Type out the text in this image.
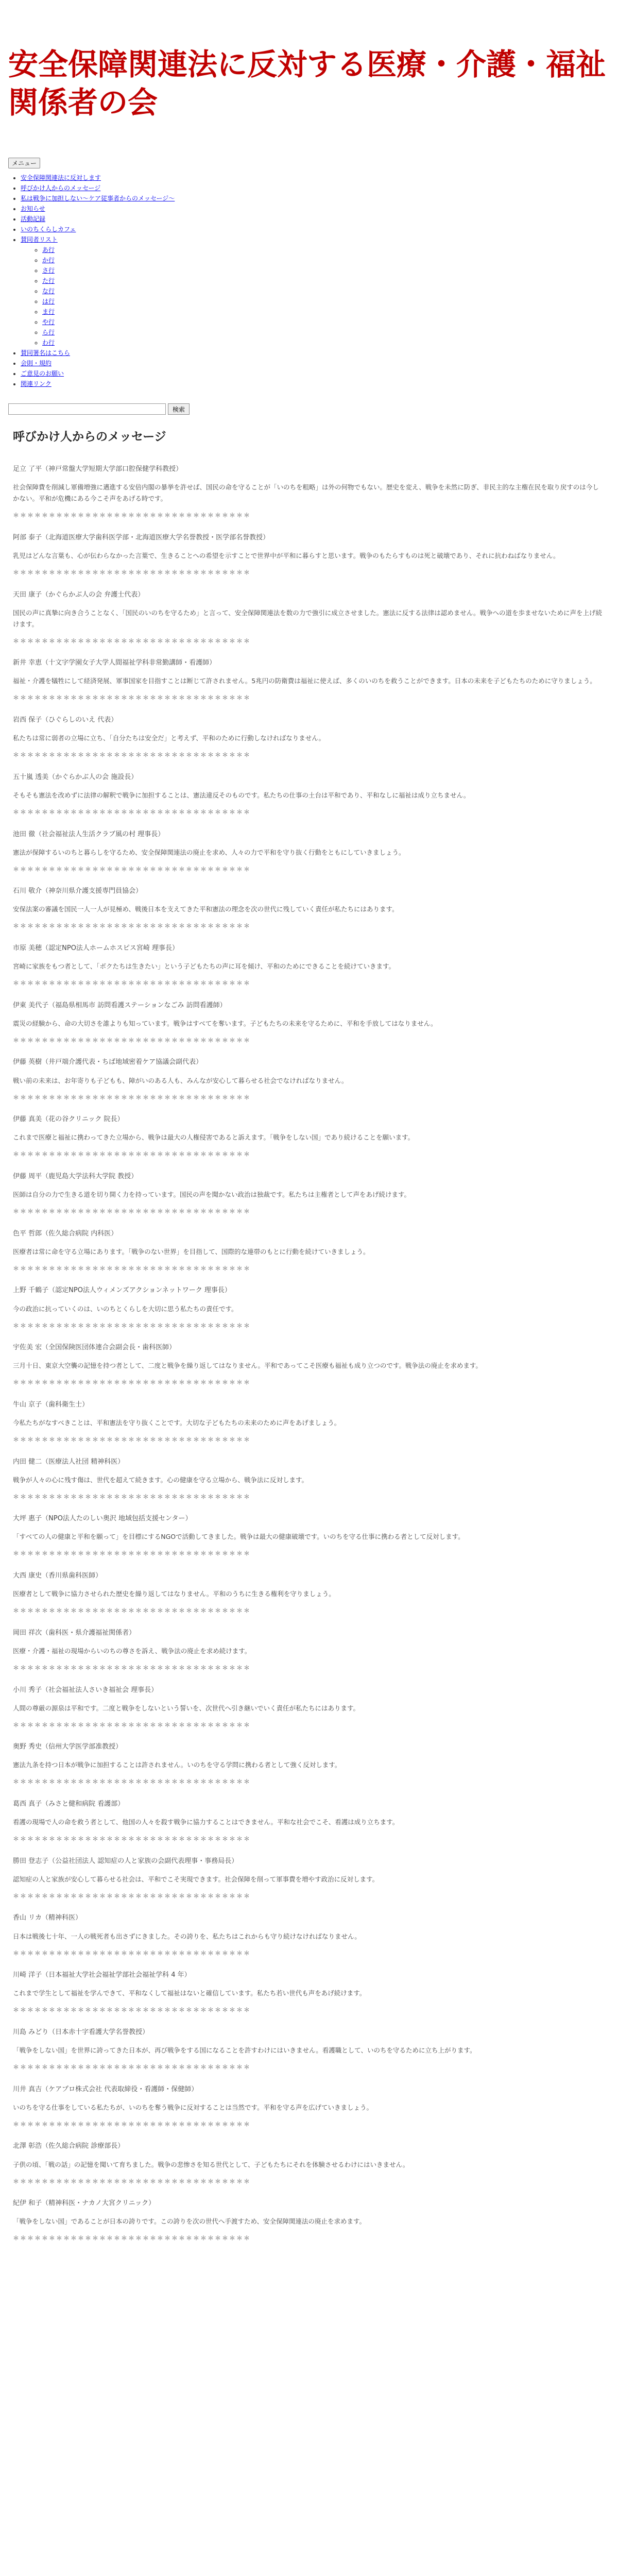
安全保障関連法に反対する医療・介護・福祉関係者の会
メニュー
• 安全保障関連法に反対します
• 呼びかけ人からのメッセージ
• 私は戦争に加担しない～ケア従事者からのメッセージ～
• お知らせ
• 活動記録
• いのちくらしカフェ
• 賛同者リスト
◦ あ行
◦ か行
◦ さ行
◦ た行
◦ な行
◦ は行
◦ ま行
◦ や行
◦ ら行
◦ わ行
• 賛同署名はこちら
• 会則・規約
• ご意見のお願い
• 関連リンク
検索
呼びかけ人からのメッセージ

足立 了平（神戸常盤大学短期大学部口腔保健学科教授）

社会保障費を削減し軍備増強に邁進する安倍内閣の暴挙を許せば、国民の命を守ることが「いのちを粗略」は外の何物でもない。歴史を変え、戦争を未然に防ぎ、非民主的な主権在民を取り戻すのは今しかない。平和が危機にある今こそ声をあげる時です。

＊＊＊＊＊＊＊＊＊＊＊＊＊＊＊＊＊＊＊＊＊＊＊＊＊＊＊＊＊＊＊＊＊

阿部 泰子（北海道医療大学歯科医学部・北海道医療大学名誉教授・医学部名誉教授）

乳児はどんな言葉も、心が伝わらなかった言葉で、生きることへの希望を示すことで世界中が平和に暮らすと思います。戦争のもたらすものは死と破壊であり、それに抗わねばなりません。

＊＊＊＊＊＊＊＊＊＊＊＊＊＊＊＊＊＊＊＊＊＊＊＊＊＊＊＊＊＊＊＊＊

天田 康子（かぐらかぶ人の会 弁護士代表）

国民の声に真摯に向き合うことなく、「国民のいのちを守るため」と言って、安全保障関連法を数の力で強引に成立させました。憲法に反する法律は認めません。戦争への道を歩ませないために声を上げ続けます。

＊＊＊＊＊＊＊＊＊＊＊＊＊＊＊＊＊＊＊＊＊＊＊＊＊＊＊＊＊＊＊＊＊

新井 幸恵（十文字学園女子大学人間福祉学科非常勤講師・看護師）

福祉・介護を犠牲にして経済発展、軍事国家を目指すことは断じて許されません。5兆円の防衛費は福祉に使えば、多くのいのちを救うことができます。日本の未来を子どもたちのために守りましょう。

＊＊＊＊＊＊＊＊＊＊＊＊＊＊＊＊＊＊＊＊＊＊＊＊＊＊＊＊＊＊＊＊＊

岩西 保子（ひぐらしのいえ 代表）

私たちは常に弱者の立場に立ち、「自分たちは安全だ」と考えず、平和のために行動しなければなりません。

＊＊＊＊＊＊＊＊＊＊＊＊＊＊＊＊＊＊＊＊＊＊＊＊＊＊＊＊＊＊＊＊＊

五十嵐 透美（かぐらかぶ人の会 施設長）

そもそも憲法を改めずに法律の解釈で戦争に加担することは、憲法違反そのものです。私たちの仕事の土台は平和であり、平和なしに福祉は成り立ちません。

＊＊＊＊＊＊＊＊＊＊＊＊＊＊＊＊＊＊＊＊＊＊＊＊＊＊＊＊＊＊＊＊＊

池田 徹（社会福祉法人生活クラブ風の村 理事長）

憲法が保障するいのちと暮らしを守るため、安全保障関連法の廃止を求め、人々の力で平和を守り抜く行動をともにしていきましょう。

＊＊＊＊＊＊＊＊＊＊＊＊＊＊＊＊＊＊＊＊＊＊＊＊＊＊＊＊＊＊＊＊＊

石川 敬介（神奈川県介護支援専門員協会）

安保法案の審議を国民一人一人が見極め、戦後日本を支えてきた平和憲法の理念を次の世代に残していく責任が私たちにはあります。

＊＊＊＊＊＊＊＊＊＊＊＊＊＊＊＊＊＊＊＊＊＊＊＊＊＊＊＊＊＊＊＊＊

市原 美穂（認定NPO法人ホームホスピス宮崎 理事長）

宮崎に家族をもつ者として、「ボクたちは生きたい」という子どもたちの声に耳を傾け、平和のためにできることを続けていきます。

＊＊＊＊＊＊＊＊＊＊＊＊＊＊＊＊＊＊＊＊＊＊＊＊＊＊＊＊＊＊＊＊＊

伊東 美代子（福島県相馬市 訪問看護ステーションなごみ 訪問看護師）

震災の経験から、命の大切さを誰よりも知っています。戦争はすべてを奪います。子どもたちの未来を守るために、平和を手放してはなりません。

＊＊＊＊＊＊＊＊＊＊＊＊＊＊＊＊＊＊＊＊＊＊＊＊＊＊＊＊＊＊＊＊＊

伊藤 英樹（井戸端介護代表・ちば地域密着ケア協議会副代表）

戦い前の未来は、お年寄りも子どもも、障がいのある人も、みんなが安心して暮らせる社会でなければなりません。

＊＊＊＊＊＊＊＊＊＊＊＊＊＊＊＊＊＊＊＊＊＊＊＊＊＊＊＊＊＊＊＊＊

伊藤 真美（花の谷クリニック 院長）

これまで医療と福祉に携わってきた立場から、戦争は最大の人権侵害であると訴えます。「戦争をしない国」であり続けることを願います。

＊＊＊＊＊＊＊＊＊＊＊＊＊＊＊＊＊＊＊＊＊＊＊＊＊＊＊＊＊＊＊＊＊

伊藤 周平（鹿児島大学法科大学院 教授）

医師は自分の力で生きる道を切り開く力を持っています。国民の声を聞かない政治は独裁です。私たちは主権者として声をあげ続けます。

＊＊＊＊＊＊＊＊＊＊＊＊＊＊＊＊＊＊＊＊＊＊＊＊＊＊＊＊＊＊＊＊＊

色平 哲郎（佐久総合病院 内科医）

医療者は常に命を守る立場にあります。「戦争のない世界」を目指して、国際的な連帯のもとに行動を続けていきましょう。

＊＊＊＊＊＊＊＊＊＊＊＊＊＊＊＊＊＊＊＊＊＊＊＊＊＊＊＊＊＊＊＊＊

上野 千鶴子（認定NPO法人ウィメンズアクションネットワーク 理事長）

今の政治に抗っていくのは、いのちとくらしを大切に思う私たちの責任です。

＊＊＊＊＊＊＊＊＊＊＊＊＊＊＊＊＊＊＊＊＊＊＊＊＊＊＊＊＊＊＊＊＊

宇佐美 宏（全国保険医団体連合会副会長・歯科医師）

三月十日、東京大空襲の記憶を持つ者として、二度と戦争を繰り返してはなりません。平和であってこそ医療も福祉も成り立つのです。戦争法の廃止を求めます。

＊＊＊＊＊＊＊＊＊＊＊＊＊＊＊＊＊＊＊＊＊＊＊＊＊＊＊＊＊＊＊＊＊

牛山 京子（歯科衛生士）

今私たちがなすべきことは、平和憲法を守り抜くことです。大切な子どもたちの未来のために声をあげましょう。

＊＊＊＊＊＊＊＊＊＊＊＊＊＊＊＊＊＊＊＊＊＊＊＊＊＊＊＊＊＊＊＊＊

内田 健二（医療法人社団 精神科医）

戦争が人々の心に残す傷は、世代を超えて続きます。心の健康を守る立場から、戦争法に反対します。

＊＊＊＊＊＊＊＊＊＊＊＊＊＊＊＊＊＊＊＊＊＊＊＊＊＊＊＊＊＊＊＊＊

大坪 惠子（NPO法人たのしい奥沢 地域包括支援センター）

「すべての人の健康と平和を願って」を目標にするNGOで活動してきました。戦争は最大の健康破壊です。いのちを守る仕事に携わる者として反対します。

＊＊＊＊＊＊＊＊＊＊＊＊＊＊＊＊＊＊＊＊＊＊＊＊＊＊＊＊＊＊＊＊＊

大西 康史（香川県歯科医師）

医療者として戦争に協力させられた歴史を繰り返してはなりません。平和のうちに生きる権利を守りましょう。

＊＊＊＊＊＊＊＊＊＊＊＊＊＊＊＊＊＊＊＊＊＊＊＊＊＊＊＊＊＊＊＊＊

岡田 祥次（歯科医・県介護福祉関係者）

医療・介護・福祉の現場からいのちの尊さを訴え、戦争法の廃止を求め続けます。

＊＊＊＊＊＊＊＊＊＊＊＊＊＊＊＊＊＊＊＊＊＊＊＊＊＊＊＊＊＊＊＊＊

小川 秀子（社会福祉法人さいき福祉会 理事長）

人間の尊厳の源泉は平和です。二度と戦争をしないという誓いを、次世代へ引き継いでいく責任が私たちにはあります。

＊＊＊＊＊＊＊＊＊＊＊＊＊＊＊＊＊＊＊＊＊＊＊＊＊＊＊＊＊＊＊＊＊

奥野 秀史（信州大学医学部准教授）

憲法九条を持つ日本が戦争に加担することは許されません。いのちを守る学問に携わる者として強く反対します。

＊＊＊＊＊＊＊＊＊＊＊＊＊＊＊＊＊＊＊＊＊＊＊＊＊＊＊＊＊＊＊＊＊

葛西 真子（みさと健和病院 看護部）

看護の現場で人の命を救う者として、他国の人々を殺す戦争に協力することはできません。平和な社会でこそ、看護は成り立ちます。

＊＊＊＊＊＊＊＊＊＊＊＊＊＊＊＊＊＊＊＊＊＊＊＊＊＊＊＊＊＊＊＊＊

勝田 登志子（公益社団法人 認知症の人と家族の会副代表理事・事務局長）

認知症の人と家族が安心して暮らせる社会は、平和でこそ実現できます。社会保障を削って軍事費を増やす政治に反対します。

＊＊＊＊＊＊＊＊＊＊＊＊＊＊＊＊＊＊＊＊＊＊＊＊＊＊＊＊＊＊＊＊＊

香山 リカ（精神科医）

日本は戦後七十年、一人の戦死者も出さずにきました。その誇りを、私たちはこれからも守り続けなければなりません。

＊＊＊＊＊＊＊＊＊＊＊＊＊＊＊＊＊＊＊＊＊＊＊＊＊＊＊＊＊＊＊＊＊

川崎 洋子（日本福祉大学社会福祉学部社会福祉学科 4 年）

これまで学生として福祉を学んできて、平和なくして福祉はないと確信しています。私たち若い世代も声をあげ続けます。

＊＊＊＊＊＊＊＊＊＊＊＊＊＊＊＊＊＊＊＊＊＊＊＊＊＊＊＊＊＊＊＊＊

川島 みどり（日本赤十字看護大学名誉教授）

「戦争をしない国」を世界に誇ってきた日本が、再び戦争をする国になることを許すわけにはいきません。看護職として、いのちを守るために立ち上がります。

＊＊＊＊＊＊＊＊＊＊＊＊＊＊＊＊＊＊＊＊＊＊＊＊＊＊＊＊＊＊＊＊＊

川井 真吉（ケアプロ株式会社 代表取締役・看護師・保健師）

いのちを守る仕事をしている私たちが、いのちを奪う戦争に反対することは当然です。平和を守る声を広げていきましょう。

＊＊＊＊＊＊＊＊＊＊＊＊＊＊＊＊＊＊＊＊＊＊＊＊＊＊＊＊＊＊＊＊＊

北澤 彰浩（佐久総合病院 診療部長）

子供の頃、「戦の話」の記憶を聞いて育ちました。戦争の悲惨さを知る世代として、子どもたちにそれを体験させるわけにはいきません。

＊＊＊＊＊＊＊＊＊＊＊＊＊＊＊＊＊＊＊＊＊＊＊＊＊＊＊＊＊＊＊＊＊

紀伊 和子（精神科医・ナカノ大宮クリニック）

「戦争をしない国」であることが日本の誇りです。この誇りを次の世代へ手渡すため、安全保障関連法の廃止を求めます。

＊＊＊＊＊＊＊＊＊＊＊＊＊＊＊＊＊＊＊＊＊＊＊＊＊＊＊＊＊＊＊＊＊
